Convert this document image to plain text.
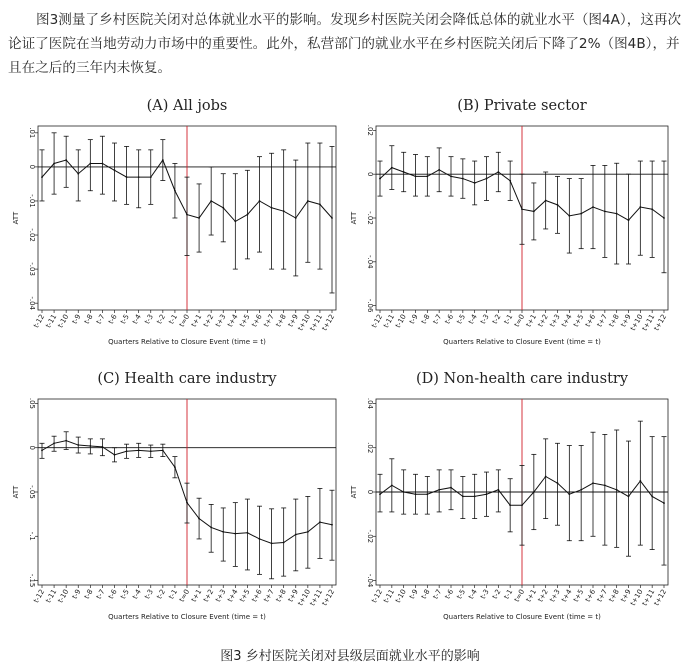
图3测量了乡村医院关闭对总体就业水平的影响。发现乡村医院关闭会降低总体的就业水平（图4A），这再次论证了医院在当地劳动力市场中的重要性。此外，私营部门的就业水平在乡村医院关闭后下降了2%（图4B），并且在之后的三年内未恢复。

(A) All jobs
.01
0
-.01
-.02
-.03
-.04
ATT
t-12
t-11
t-10 t-9 t-8 t-7 t-6 t-5 t-4 t-3 t-2 t-1
t=0
t+1
t+2
t+3
t+4
t+5
t+6
t+7
t+8
t+9
t+10
t+11
t+12
Quarters Relative to Closure Event (time = t)
(B) Private sector
.02
0
-.02
-.04
-.06
ATT
t-12
t-11
t-10 t-9 t-8 t-7 t-6 t-5 t-4 t-3 t-2 t-1
t=0
t+1
t+2
t+3
t+4
t+5
t+6
t+7
t+8
t+9
t+10
t+11
t+12
Quarters Relative to Closure Event (time = t)
(C) Health care industry
.05
0
-.05
-.1
-.15
ATT
t-12
t-11
t-10 t-9 t-8 t-7 t-6 t-5 t-4 t-3 t-2 t-1
t=0
t+1
t+2
t+3
t+4
t+5
t+6
t+7
t+8
t+9
t+10
t+11
t+12
Quarters Relative to Closure Event (time = t)
(D) Non-health care industry
.04
.02
0
-.02
-.04
ATT
t-12
t-11
t-10 t-9 t-8 t-7 t-6 t-5 t-4 t-3 t-2 t-1
t=0
t+1
t+2
t+3
t+4
t+5
t+6
t+7
t+8
t+9
t+10
t+11
t+12
Quarters Relative to Closure Event (time = t)
图3 乡村医院关闭对县级层面就业水平的影响
